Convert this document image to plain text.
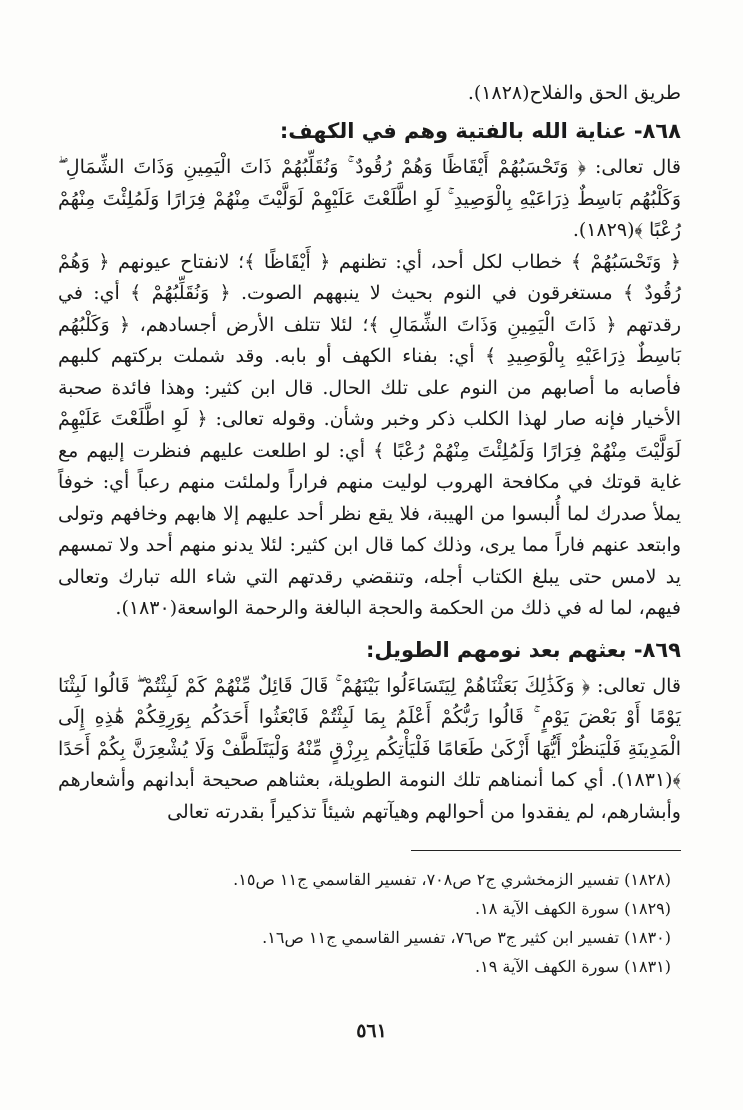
طريق الحق والفلاح(١٨٢٨).

٨٦٨- عناية الله بالفتية وهم في الكهف:

قال تعالى: ﴿ وَتَحْسَبُهُمْ أَيْقَاظًا وَهُمْ رُقُودٌ ۚ وَنُقَلِّبُهُمْ ذَاتَ الْيَمِينِ وَذَاتَ الشِّمَالِ ۖ وَكَلْبُهُم بَاسِطٌ ذِرَاعَيْهِ بِالْوَصِيدِ ۚ لَوِ اطَّلَعْتَ عَلَيْهِمْ لَوَلَّيْتَ مِنْهُمْ فِرَارًا وَلَمُلِئْتَ مِنْهُمْ رُعْبًا ﴾(١٨٢٩).

﴿ وَتَحْسَبُهُمْ ﴾ خطاب لكل أحد، أي: تظنهم ﴿ أَيْقَاظًا ﴾؛ لانفتاح عيونهم ﴿ وَهُمْ رُقُودٌ ﴾ مستغرقون في النوم بحيث لا ينبههم الصوت. ﴿ وَنُقَلِّبُهُمْ ﴾ أي: في رقدتهم ﴿ ذَاتَ الْيَمِينِ وَذَاتَ الشِّمَالِ ﴾؛ لئلا تتلف الأرض أجسادهم، ﴿ وَكَلْبُهُم بَاسِطٌ ذِرَاعَيْهِ بِالْوَصِيدِ ﴾ أي: بفناء الكهف أو بابه. وقد شملت بركتهم كلبهم فأصابه ما أصابهم من النوم على تلك الحال. قال ابن كثير: وهذا فائدة صحبة الأخيار فإنه صار لهذا الكلب ذكر وخبر وشأن. وقوله تعالى: ﴿ لَوِ اطَّلَعْتَ عَلَيْهِمْ لَوَلَّيْتَ مِنْهُمْ فِرَارًا وَلَمُلِئْتَ مِنْهُمْ رُعْبًا ﴾ أي: لو اطلعت عليهم فنظرت إليهم مع غاية قوتك في مكافحة الهروب لوليت منهم فراراً ولملئت منهم رعباً أي: خوفاً يملأ صدرك لما أُلبسوا من الهيبة، فلا يقع نظر أحد عليهم إلا هابهم وخافهم وتولى وابتعد عنهم فاراً مما يرى، وذلك كما قال ابن كثير: لئلا يدنو منهم أحد ولا تمسهم يد لامس حتى يبلغ الكتاب أجله، وتنقضي رقدتهم التي شاء الله تبارك وتعالى فيهم، لما له في ذلك من الحكمة والحجة البالغة والرحمة الواسعة(١٨٣٠).

٨٦٩- بعثهم بعد نومهم الطويل:

قال تعالى: ﴿ وَكَذَٰلِكَ بَعَثْنَاهُمْ لِيَتَسَاءَلُوا بَيْنَهُمْ ۚ قَالَ قَائِلٌ مِّنْهُمْ كَمْ لَبِثْتُمْ ۖ قَالُوا لَبِثْنَا يَوْمًا أَوْ بَعْضَ يَوْمٍ ۚ قَالُوا رَبُّكُمْ أَعْلَمُ بِمَا لَبِثْتُمْ فَابْعَثُوا أَحَدَكُم بِوَرِقِكُمْ هَٰذِهِ إِلَى الْمَدِينَةِ فَلْيَنظُرْ أَيُّهَا أَزْكَىٰ طَعَامًا فَلْيَأْتِكُم بِرِزْقٍ مِّنْهُ وَلْيَتَلَطَّفْ وَلَا يُشْعِرَنَّ بِكُمْ أَحَدًا ﴾(١٨٣١). أي كما أنمناهم تلك النومة الطويلة، بعثناهم صحيحة أبدانهم وأشعارهم وأبشارهم، لم يفقدوا من أحوالهم وهيآتهم شيئاً تذكيراً بقدرته تعالى

(١٨٢٨) تفسير الزمخشري ج٢ ص٧٠٨، تفسير القاسمي ج١١ ص١٥.

(١٨٢٩) سورة الكهف الآية ١٨.

(١٨٣٠) تفسير ابن كثير ج٣ ص٧٦، تفسير القاسمي ج١١ ص١٦.

(١٨٣١) سورة الكهف الآية ١٩.

٥٦١
